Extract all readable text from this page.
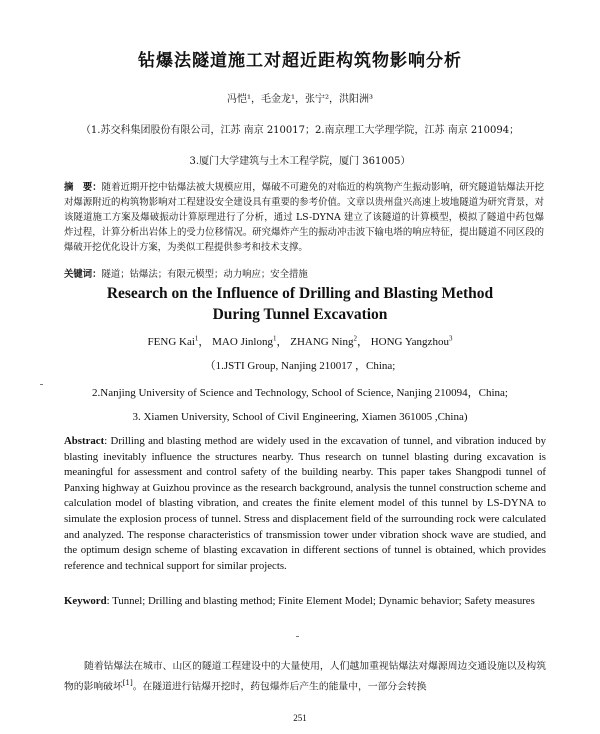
钻爆法隧道施工对超近距构筑物影响分析
冯恺¹，毛金龙¹，张宁²，洪阳洲³
（1.苏交科集团股份有限公司，江苏 南京 210017；2.南京理工大学理学院，江苏 南京 210094；
3.厦门大学建筑与土木工程学院，厦门 361005）
摘　要：随着近期开挖中钻爆法被大规模应用，爆破不可避免的对临近的构筑物产生振动影响，研究隧道钻爆法开挖对爆源附近的构筑物影响对工程建设安全建设具有重要的参考价值。文章以贵州盘兴高速上坡地隧道为研究背景，对该隧道施工方案及爆破振动计算原理进行了分析，通过 LS-DYNA 建立了该隧道的计算模型，模拟了隧道中药包爆炸过程，计算分析出岩体上的受力位移情况。研究爆炸产生的振动冲击波下输电塔的响应特征，提出隧道不同区段的爆破开挖优化设计方案，为类似工程提供参考和技术支撑。
关键词：隧道；钻爆法；有限元模型；动力响应；安全措施
Research on the Influence of Drilling and Blasting Method During Tunnel Excavation
FENG Kai$^1$， MAO Jinlong$^1$， ZHANG Ning$^2$， HONG Yangzhou$^3$
（1.JSTI Group, Nanjing 210017 ，China;
2.Nanjing University of Science and Technology, School of Science, Nanjing 210094，China;
3. Xiamen University, School of Civil Engineering, Xiamen 361005 ,China)
Abstract: Drilling and blasting method are widely used in the excavation of tunnel, and vibration induced by blasting inevitably influence the structures nearby. Thus research on tunnel blasting during excavation is meaningful for assessment and control safety of the building nearby. This paper takes Shangpodi tunnel of Panxing highway at Guizhou province as the research background, analysis the tunnel construction scheme and calculation model of blasting vibration, and creates the finite element model of this tunnel by LS-DYNA to simulate the explosion process of tunnel. Stress and displacement field of the surrounding rock were calculated and analyzed. The response characteristics of transmission tower under vibration shock wave are studied, and the optimum design scheme of blasting excavation in different sections of tunnel is obtained, which provides reference and technical support for similar projects.
Keyword: Tunnel; Drilling and blasting method; Finite Element Model; Dynamic behavior; Safety measures
随着钻爆法在城市、山区的隧道工程建设中的大量使用，人们越加重视钻爆法对爆源周边交通设施以及构筑物的影响破坏[1]。在隧道进行钻爆开挖时，药包爆炸后产生的能量中，一部分会转换
251
